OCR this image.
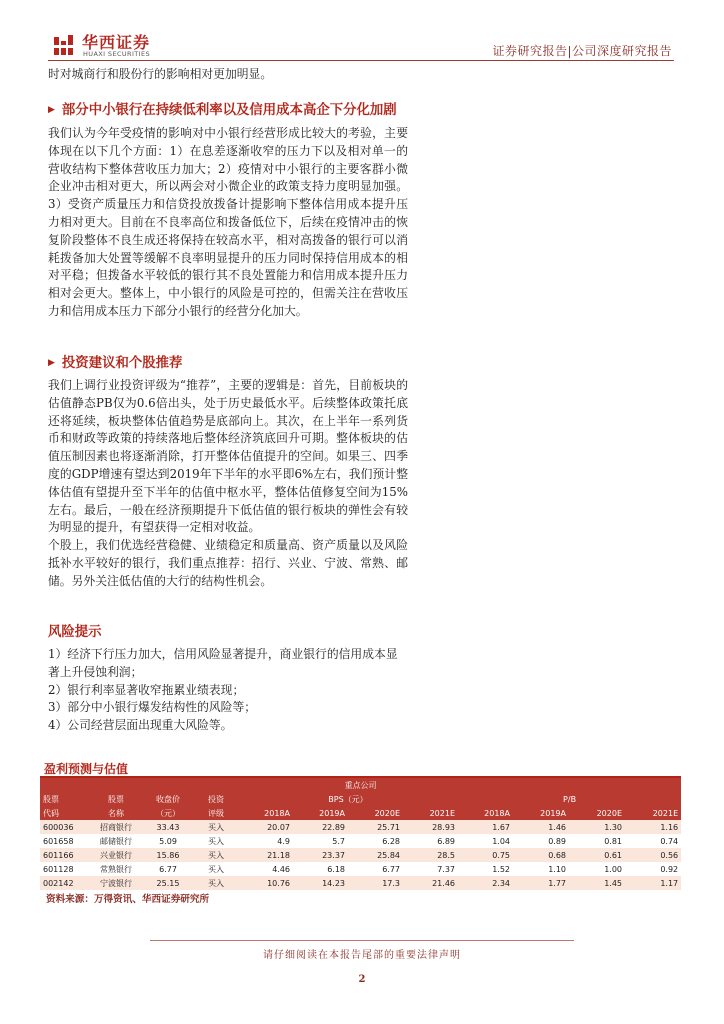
华西证券
HUAXI SECURITIES	证券研究报告|公司深度研究报告

时对城商行和股份行的影响相对更加明显。

▶ 部分中小银行在持续低利率以及信用成本高企下分化加剧

我们认为今年受疫情的影响对中小银行经营形成比较大的考验，主要体现在以下几个方面：1）在息差逐渐收窄的压力下以及相对单一的营收结构下整体营收压力加大；2）疫情对中小银行的主要客群小微企业冲击相对更大，所以两会对小微企业的政策支持力度明显加强。3）受资产质量压力和信贷投放拨备计提影响下整体信用成本提升压力相对更大。目前在不良率高位和拨备低位下，后续在疫情冲击的恢复阶段整体不良生成还将保持在较高水平，相对高拨备的银行可以消耗拨备加大处置等缓解不良率明显提升的压力同时保持信用成本的相对平稳；但拨备水平较低的银行其不良处置能力和信用成本提升压力相对会更大。整体上，中小银行的风险是可控的，但需关注在营收压力和信用成本压力下部分小银行的经营分化加大。

▶ 投资建议和个股推荐

我们上调行业投资评级为“推荐”，主要的逻辑是：首先，目前板块的估值静态PB仅为0.6倍出头，处于历史最低水平。后续整体政策托底还将延续，板块整体估值趋势是底部向上。其次，在上半年一系列货币和财政等政策的持续落地后整体经济筑底回升可期。整体板块的估值压制因素也将逐渐消除，打开整体估值提升的空间。如果三、四季度的GDP增速有望达到2019年下半年的水平即6%左右，我们预计整体估值有望提升至下半年的估值中枢水平，整体估值修复空间为15%左右。最后，一般在经济预期提升下低估值的银行板块的弹性会有较为明显的提升，有望获得一定相对收益。

个股上，我们优选经营稳健、业绩稳定和质量高、资产质量以及风险抵补水平较好的银行，我们重点推荐：招行、兴业、宁波、常熟、邮储。另外关注低估值的大行的结构性机会。

风险提示
1）经济下行压力加大，信用风险显著提升，商业银行的信用成本显著上升侵蚀利润；
2）银行利率显著收窄拖累业绩表现；
3）部分中小银行爆发结构性的风险等；
4）公司经营层面出现重大风险等。
盈利预测与估值
重点公司											
股票	股票	收盘价	投资	BPS（元）				P/B			
代码	名称	（元）	评级	2018A	2019A	2020E	2021E	2018A	2019A	2020E	2021E
600036	招商银行	33.43	买入	20.07	22.89	25.71	28.93	1.67	1.46	1.30	1.16
601658	邮储银行	5.09	买入	4.9	5.7	6.28	6.89	1.04	0.89	0.81	0.74
601166	兴业银行	15.86	买入	21.18	23.37	25.84	28.5	0.75	0.68	0.61	0.56
601128	常熟银行	6.77	买入	4.46	6.18	6.77	7.37	1.52	1.10	1.00	0.92
002142	宁波银行	25.15	买入	10.76	14.23	17.3	21.46	2.34	1.77	1.45	1.17
资料来源：万得资讯、华西证券研究所
请仔细阅读在本报告尾部的重要法律声明
2
